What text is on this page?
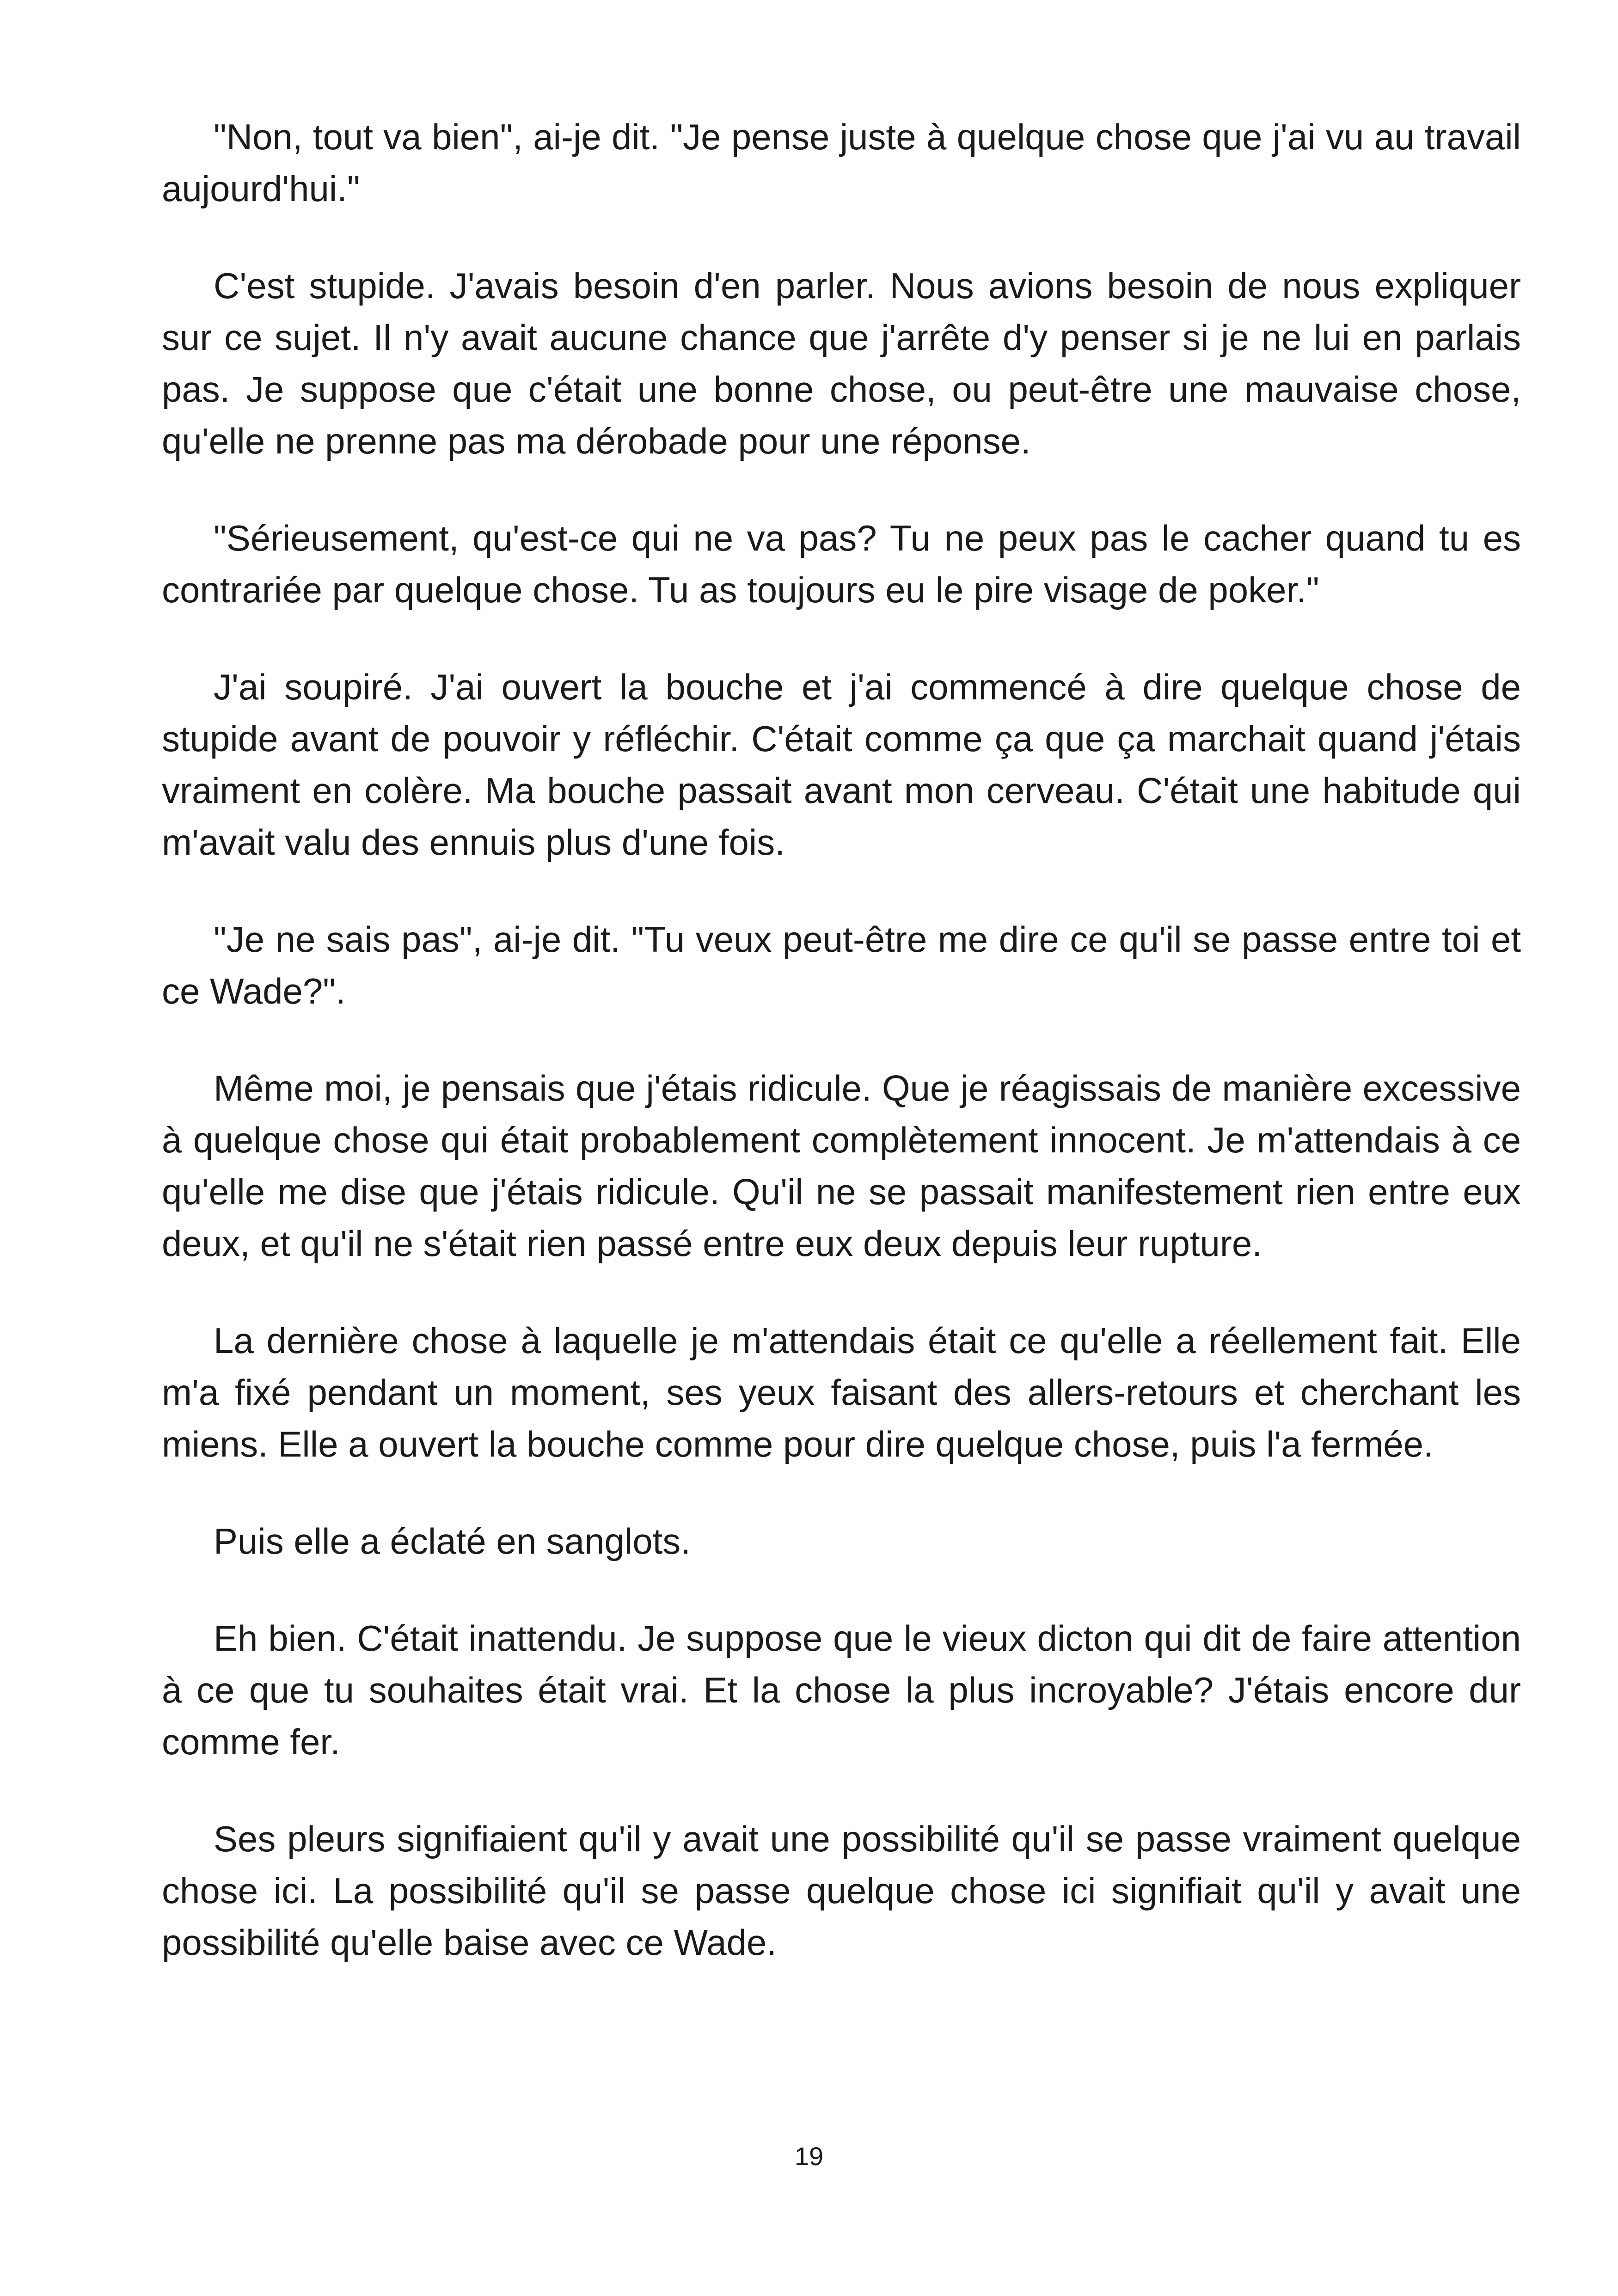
"Non, tout va bien", ai-je dit. "Je pense juste à quelque chose que j'ai vu au travail aujourd'hui."

C'est stupide. J'avais besoin d'en parler. Nous avions besoin de nous expliquer sur ce sujet. Il n'y avait aucune chance que j'arrête d'y penser si je ne lui en parlais pas. Je suppose que c'était une bonne chose, ou peut-être une mauvaise chose, qu'elle ne prenne pas ma dérobade pour une réponse.

"Sérieusement, qu'est-ce qui ne va pas? Tu ne peux pas le cacher quand tu es contrariée par quelque chose. Tu as toujours eu le pire visage de poker."

J'ai soupiré. J'ai ouvert la bouche et j'ai commencé à dire quelque chose de stupide avant de pouvoir y réfléchir. C'était comme ça que ça marchait quand j'étais vraiment en colère. Ma bouche passait avant mon cerveau. C'était une habitude qui m'avait valu des ennuis plus d'une fois.

"Je ne sais pas", ai-je dit. "Tu veux peut-être me dire ce qu'il se passe entre toi et ce Wade?".

Même moi, je pensais que j'étais ridicule. Que je réagissais de manière excessive à quelque chose qui était probablement complètement innocent. Je m'attendais à ce qu'elle me dise que j'étais ridicule. Qu'il ne se passait manifestement rien entre eux deux, et qu'il ne s'était rien passé entre eux deux depuis leur rupture.

La dernière chose à laquelle je m'attendais était ce qu'elle a réellement fait. Elle m'a fixé pendant un moment, ses yeux faisant des allers-retours et cherchant les miens. Elle a ouvert la bouche comme pour dire quelque chose, puis l'a fermée.

Puis elle a éclaté en sanglots.

Eh bien. C'était inattendu. Je suppose que le vieux dicton qui dit de faire attention à ce que tu souhaites était vrai. Et la chose la plus incroyable? J'étais encore dur comme fer.

Ses pleurs signifiaient qu'il y avait une possibilité qu'il se passe vraiment quelque chose ici. La possibilité qu'il se passe quelque chose ici signifiait qu'il y avait une possibilité qu'elle baise avec ce Wade.

19
